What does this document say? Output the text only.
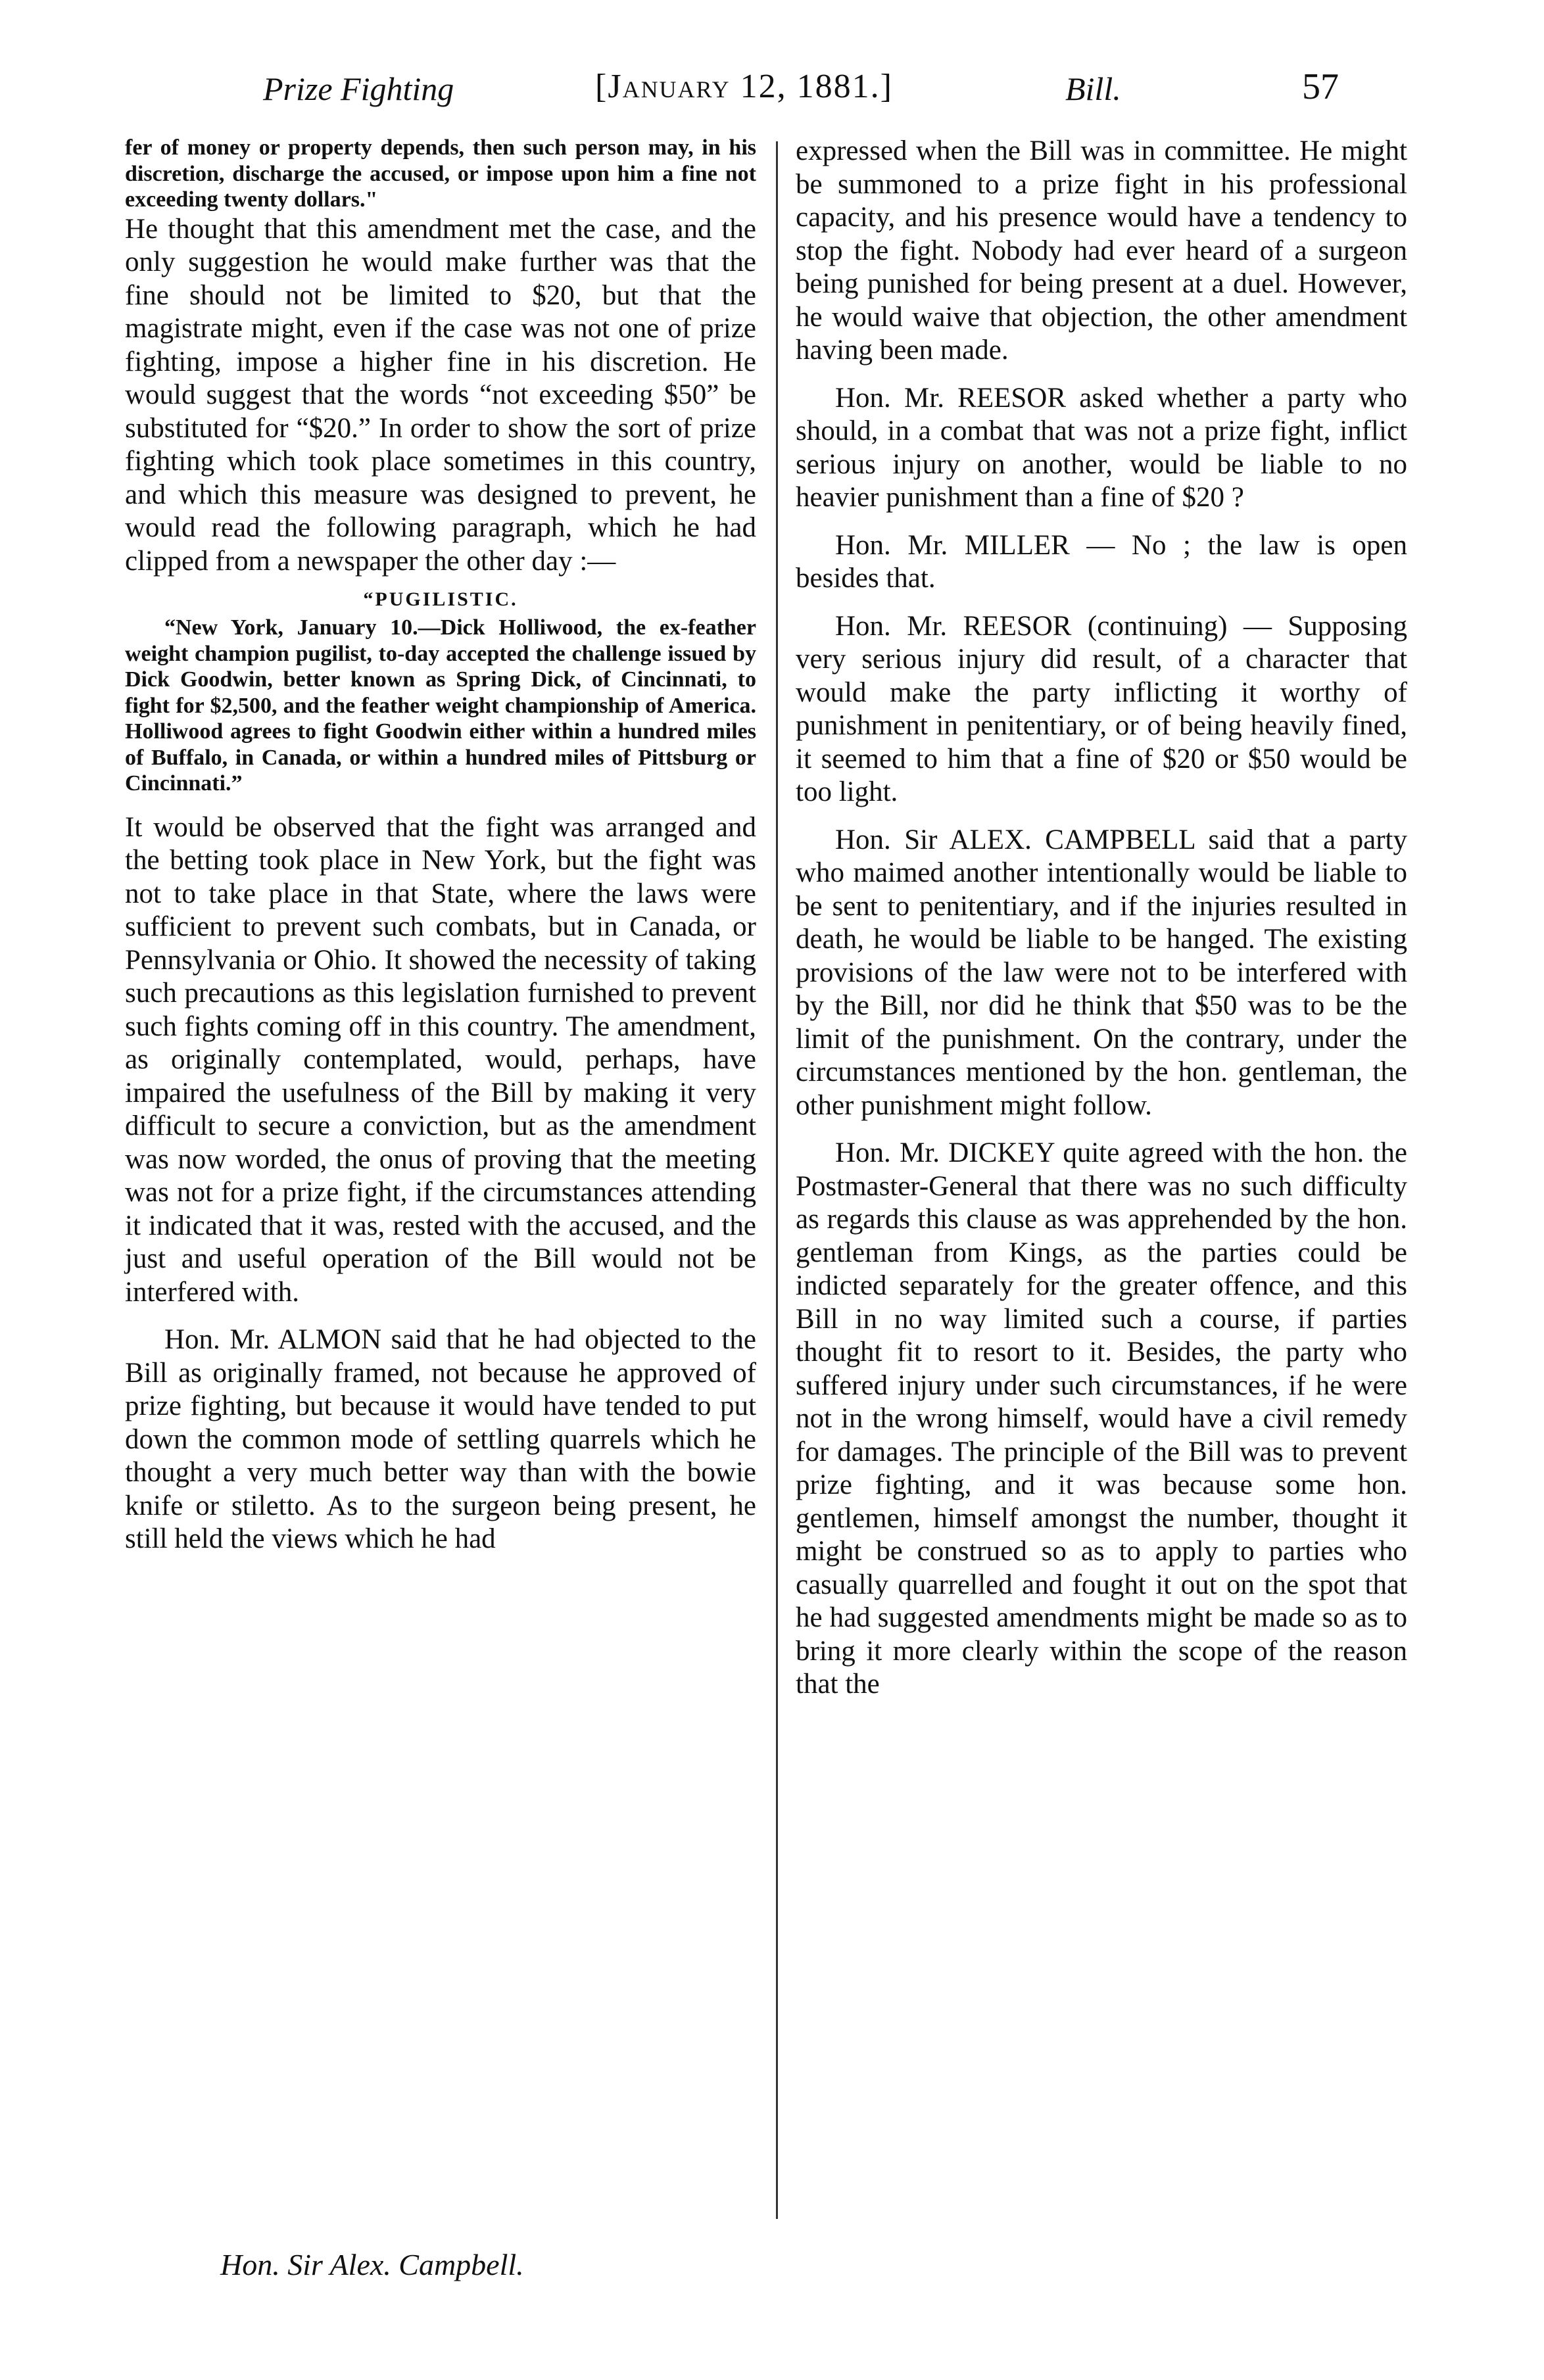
Prize Fighting	[January 12, 1881.]	Bill.	57

fer of money or property depends, then such person may, in his discretion, discharge the accused, or impose upon him a fine not exceeding twenty dollars."

He thought that this amendment met the case, and the only suggestion he would make further was that the fine should not be limited to $20, but that the magistrate might, even if the case was not one of prize fighting, impose a higher fine in his discretion. He would suggest that the words “not exceeding $50” be substituted for “$20.” In order to show the sort of prize fighting which took place sometimes in this country, and which this measure was designed to prevent, he would read the following paragraph, which he had clipped from a newspaper the other day :—

“PUGILISTIC.

“New York, January 10.—Dick Holliwood, the ex-feather weight champion pugilist, to-day accepted the challenge issued by Dick Goodwin, better known as Spring Dick, of Cincinnati, to fight for $2,500, and the feather weight championship of America. Holliwood agrees to fight Goodwin either within a hundred miles of Buffalo, in Canada, or within a hundred miles of Pittsburg or Cincinnati.”

It would be observed that the fight was arranged and the betting took place in New York, but the fight was not to take place in that State, where the laws were sufficient to prevent such combats, but in Canada, or Pennsylvania or Ohio. It showed the necessity of taking such precautions as this legislation furnished to prevent such fights coming off in this country. The amendment, as originally contemplated, would, perhaps, have impaired the usefulness of the Bill by making it very difficult to secure a conviction, but as the amendment was now worded, the onus of proving that the meeting was not for a prize fight, if the circumstances attending it indicated that it was, rested with the accused, and the just and useful operation of the Bill would not be interfered with.

Hon. Mr. ALMON said that he had objected to the Bill as originally framed, not because he approved of prize fighting, but because it would have tended to put down the common mode of settling quarrels which he thought a very much better way than with the bowie knife or stiletto. As to the surgeon being present, he still held the views which he had

expressed when the Bill was in committee. He might be summoned to a prize fight in his professional capacity, and his presence would have a tendency to stop the fight. Nobody had ever heard of a surgeon being punished for being present at a duel. However, he would waive that objection, the other amendment having been made.

Hon. Mr. REESOR asked whether a party who should, in a combat that was not a prize fight, inflict serious injury on another, would be liable to no heavier punishment than a fine of $20 ?

Hon. Mr. MILLER — No ; the law is open besides that.

Hon. Mr. REESOR (continuing) — Supposing very serious injury did result, of a character that would make the party inflicting it worthy of punishment in penitentiary, or of being heavily fined, it seemed to him that a fine of $20 or $50 would be too light.

Hon. Sir ALEX. CAMPBELL said that a party who maimed another intentionally would be liable to be sent to penitentiary, and if the injuries resulted in death, he would be liable to be hanged. The existing provisions of the law were not to be interfered with by the Bill, nor did he think that $50 was to be the limit of the punishment. On the contrary, under the circumstances mentioned by the hon. gentleman, the other punishment might follow.

Hon. Mr. DICKEY quite agreed with the hon. the Postmaster-General that there was no such difficulty as regards this clause as was apprehended by the hon. gentleman from Kings, as the parties could be indicted separately for the greater offence, and this Bill in no way limited such a course, if parties thought fit to resort to it. Besides, the party who suffered injury under such circumstances, if he were not in the wrong himself, would have a civil remedy for damages. The principle of the Bill was to prevent prize fighting, and it was because some hon. gentlemen, himself amongst the number, thought it might be construed so as to apply to parties who casually quarrelled and fought it out on the spot that he had suggested amendments might be made so as to bring it more clearly within the scope of the reason that the

Hon. Sir Alex. Campbell.
